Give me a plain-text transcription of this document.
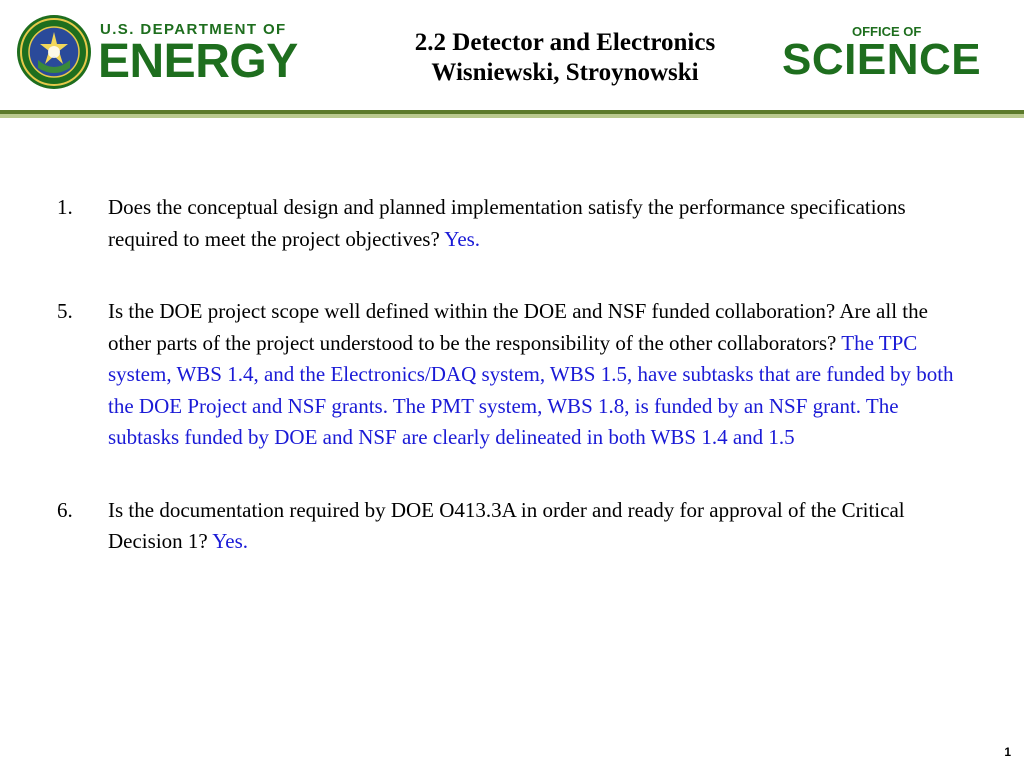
U.S. DEPARTMENT OF
ENERGY	2.2 Detector and Electronics
Wisniewski, Stroynowski
OFFICE OF
SCIENCE
1. Does the conceptual design and planned implementation satisfy the performance specifications required to meet the project objectives? Yes.
5. Is the DOE project scope well defined within the DOE and NSF funded collaboration? Are all the other parts of the project understood to be the responsibility of the other collaborators? The TPC system, WBS 1.4, and the Electronics/DAQ system, WBS 1.5, have subtasks that are funded by both the DOE Project and NSF grants. The PMT system, WBS 1.8, is funded by an NSF grant. The subtasks funded by DOE and NSF are clearly delineated in both WBS 1.4 and 1.5
6. Is the documentation required by DOE O413.3A in order and ready for approval of the Critical Decision 1? Yes.
1
